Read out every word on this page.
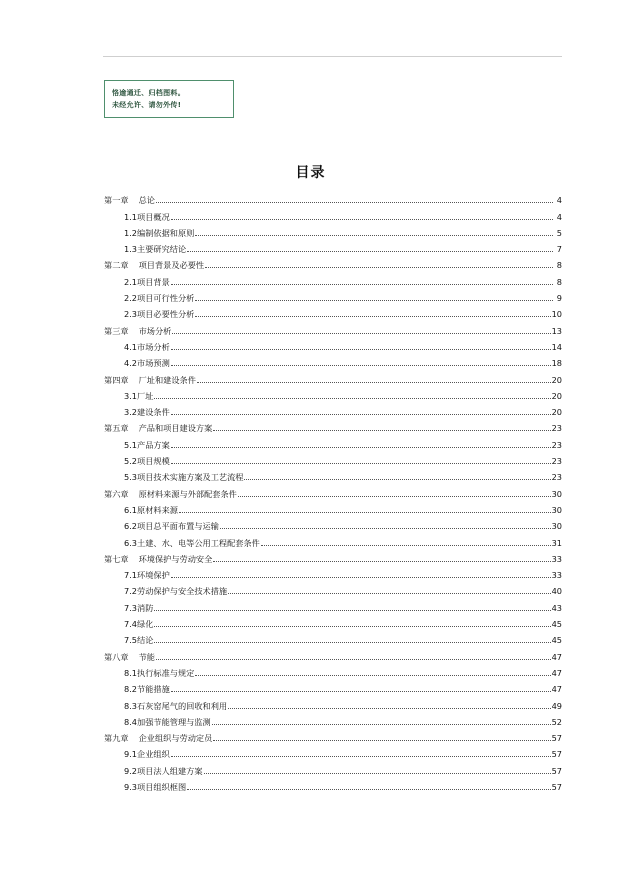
恪逾通迁、归档图料。
未经允许、请勿外传!
目录
第一章 总论	4
1.1项目概况	4
1.2编制依据和原则	5
1.3主要研究结论	7
第二章 项目背景及必要性	8
2.1项目背景	8
2.2项目可行性分析	9
2.3项目必要性分析	10
第三章 市场分析	13
4.1市场分析	14
4.2市场预测	18
第四章 厂址和建设条件	20
3.1厂址	20
3.2建设条件	20
第五章 产品和项目建设方案	23
5.1产品方案	23
5.2项目规模	23
5.3项目技术实施方案及工艺流程	23
第六章 原材料来源与外部配套条件	30
6.1原材料来源	30
6.2项目总平面布置与运输	30
6.3土建、水、电等公用工程配套条件	31
第七章 环境保护与劳动安全	33
7.1环境保护	33
7.2劳动保护与安全技术措施	40
7.3消防	43
7.4绿化	45
7.5结论	45
第八章 节能	47
8.1执行标准与规定	47
8.2节能措施	47
8.3石灰窑尾气的回收和利用	49
8.4加强节能管理与监测	52
第九章 企业组织与劳动定员	57
9.1企业组织	57
9.2项目法人组建方案	57
9.3项目组织框图	57
